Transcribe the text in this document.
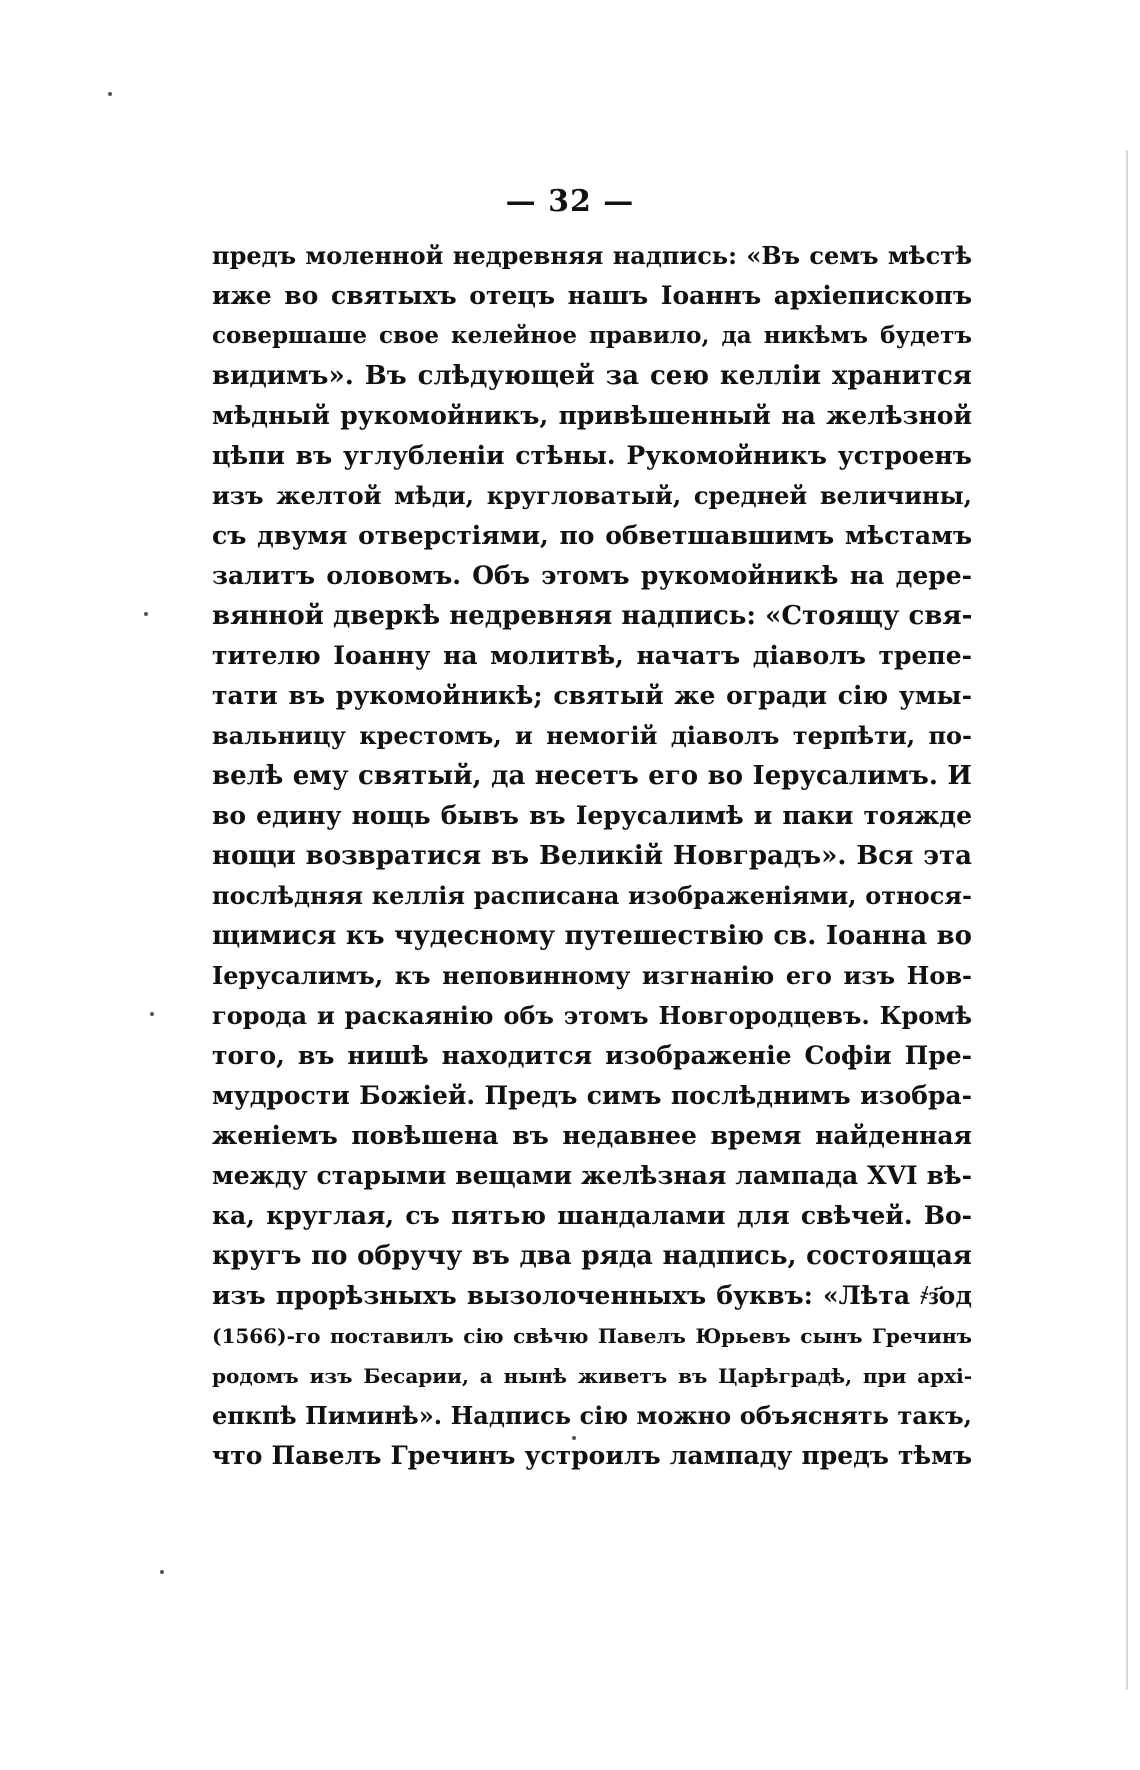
— 32 —
предъ моленной недревняя надпись: «Въ семъ мѣстѣ
иже во святыхъ отецъ нашъ Іоаннъ архіепископъ
совершаше свое келейное правило, да никѣмъ будетъ
видимъ». Въ слѣдующей за сею келліи хранится
мѣдный рукомойникъ, привѣшенный на желѣзной
цѣпи въ углубленіи стѣны. Рукомойникъ устроенъ
изъ желтой мѣди, кругловатый, средней величины,
съ двумя отверстіями, по обветшавшимъ мѣстамъ
залитъ оловомъ. Объ этомъ рукомойникѣ на дере-
вянной дверкѣ недревняя надпись: «Стоящу свя-
тителю Іоанну на молитвѣ, начатъ діаволъ трепе-
тати въ рукомойникѣ; святый же огради сію умы-
вальницу крестомъ, и немогій діаволъ терпѣти, по-
велѣ ему святый, да несетъ его во Іерусалимъ. И
во едину нощь бывъ въ Іерусалимѣ и паки тояжде
нощи возвратися въ Великій Новградъ». Вся эта
послѣдняя келлія расписана изображеніями, относя-
щимися къ чудесному путешествію св. Іоанна во
Іерусалимъ, къ неповинному изгнанію его изъ Нов-
города и раскаянію объ этомъ Новгородцевъ. Кромѣ
того, въ нишѣ находится изображеніе Софіи Пре-
мудрости Божіей. Предъ симъ послѣднимъ изобра-
женіемъ повѣшена въ недавнее время найденная
между старыми вещами желѣзная лампада XVI вѣ-
ка, круглая, съ пятью шандалами для свѣчей. Во-
кругъ по обручу въ два ряда надпись, состоящая
изъ прорѣзныхъ вызолоченныхъ буквъ: «Лѣта ҂з҃од
(1566)-го поставилъ сію свѣчю Павелъ Юрьевъ сынъ Гречинъ
родомъ изъ Бесарии, а нынѣ живетъ въ Царѣградѣ, при архі-
епкпѣ Пиминѣ». Надпись сію можно объяснять такъ,
что Павелъ Гречинъ устроилъ лампаду предъ тѣмъ
